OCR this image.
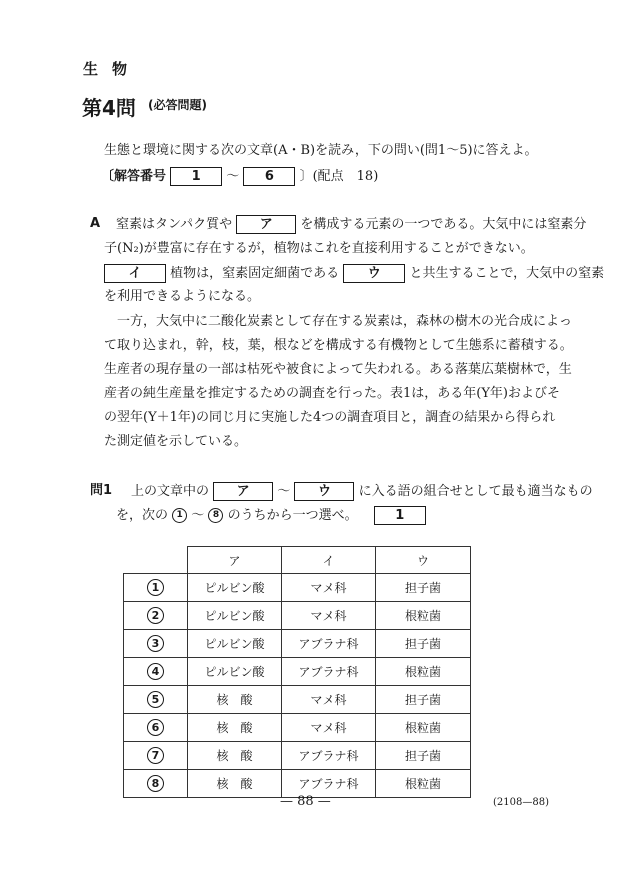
生物
第4問 (必答問題)
生態と環境に関する次の文章(A・B)を読み，下の問い(問1～5)に答えよ。
〔解答番号 1 ～ 6 〕(配点　18)
A 窒素はタンパク質や ア を構成する元素の一つである。大気中には窒素分
子(N₂)が豊富に存在するが，植物はこれを直接利用することができない。
イ 植物は，窒素固定細菌である ウ と共生することで，大気中の窒素
を利用できるようになる。
一方，大気中に二酸化炭素として存在する炭素は，森林の樹木の光合成によっ
て取り込まれ，幹，枝，葉，根などを構成する有機物として生態系に蓄積する。
生産者の現存量の一部は枯死や被食によって失われる。ある落葉広葉樹林で，生
産者の純生産量を推定するための調査を行った。表1は，ある年(Y年)およびそ
の翌年(Y＋1年)の同じ月に実施した4つの調査項目と，調査の結果から得られ
た測定値を示している。
問1 上の文章中の ア ～ ウ に入る語の組合せとして最も適当なもの
を，次の 1 ～ 8 のうちから一つ選べ。	1
	ア	イ	ウ
1	ピルビン酸	マメ科	担子菌
2	ピルビン酸	マメ科	根粒菌
3	ピルビン酸	アブラナ科	担子菌
4	ピルビン酸	アブラナ科	根粒菌
5	核　酸	マメ科	担子菌
6	核　酸	マメ科	根粒菌
7	核　酸	アブラナ科	担子菌
8	核　酸	アブラナ科	根粒菌
— 88 —	(2108—88)
